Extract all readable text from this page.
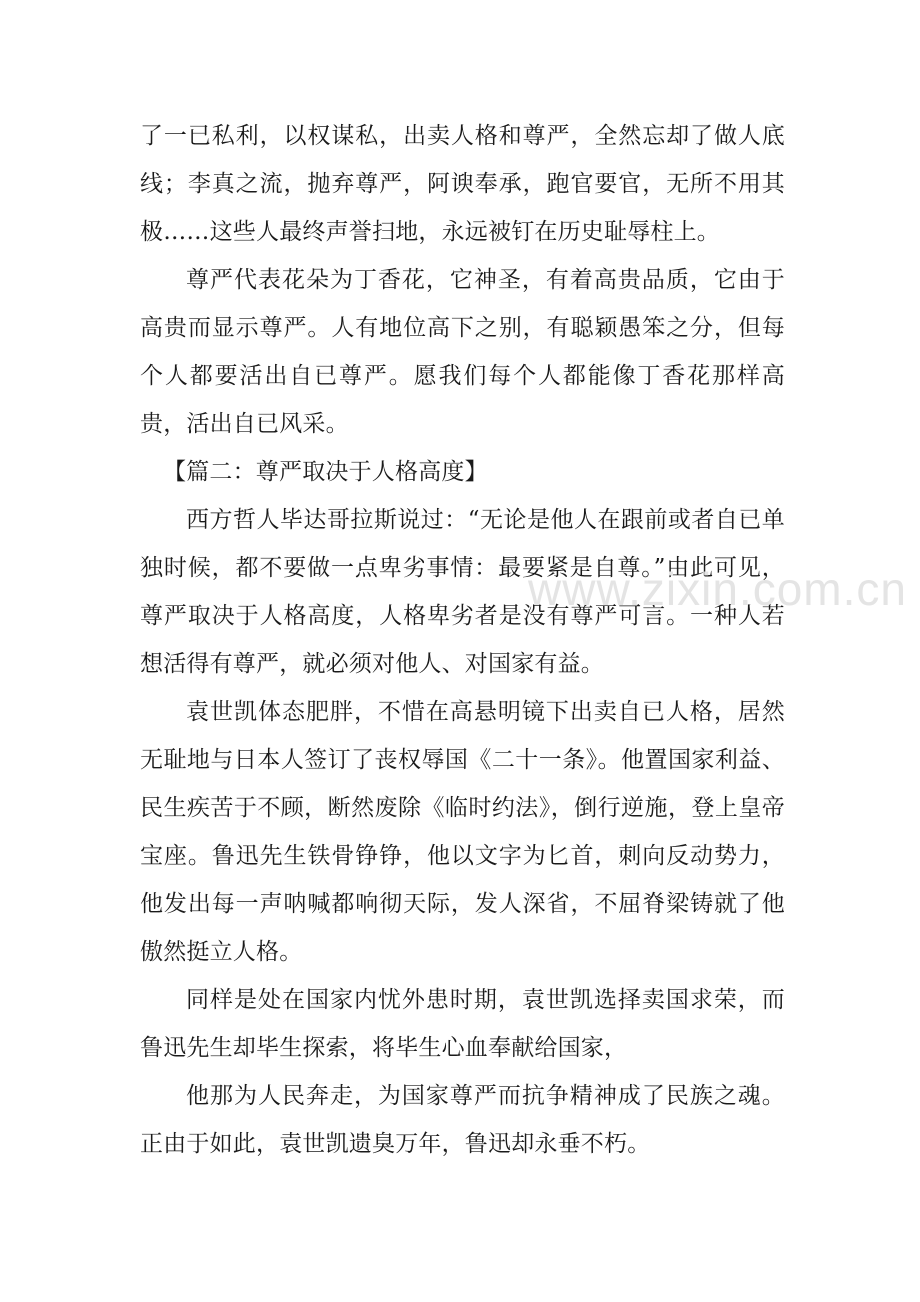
了一已私利，以权谋私，出卖人格和尊严，全然忘却了做人底线；李真之流，抛弃尊严，阿谀奉承，跑官要官，无所不用其极……这些人最终声誉扫地，永远被钉在历史耻辱柱上。

尊严代表花朵为丁香花，它神圣，有着高贵品质，它由于高贵而显示尊严。人有地位高下之别，有聪颖愚笨之分，但每个人都要活出自已尊严。愿我们每个人都能像丁香花那样高贵，活出自已风采。

【篇二：尊严取决于人格高度】

西方哲人毕达哥拉斯说过：“无论是他人在跟前或者自已单独时候，都不要做一点卑劣事情：最要紧是自尊。”由此可见，尊严取决于人格高度，人格卑劣者是没有尊严可言。一种人若想活得有尊严，就必须对他人、对国家有益。

袁世凯体态肥胖，不惜在高悬明镜下出卖自已人格，居然无耻地与日本人签订了丧权辱国《二十一条》。他置国家利益、民生疾苦于不顾，断然废除《临时约法》，倒行逆施，登上皇帝宝座。鲁迅先生铁骨铮铮，他以文字为匕首，刺向反动势力，他发出每一声呐喊都响彻天际，发人深省，不屈脊梁铸就了他傲然挺立人格。

同样是处在国家内忧外患时期，袁世凯选择卖国求荣，而鲁迅先生却毕生探索，将毕生心血奉献给国家，

他那为人民奔走，为国家尊严而抗争精神成了民族之魂。正由于如此，袁世凯遗臭万年，鲁迅却永垂不朽。

www.zixin.com.cn
